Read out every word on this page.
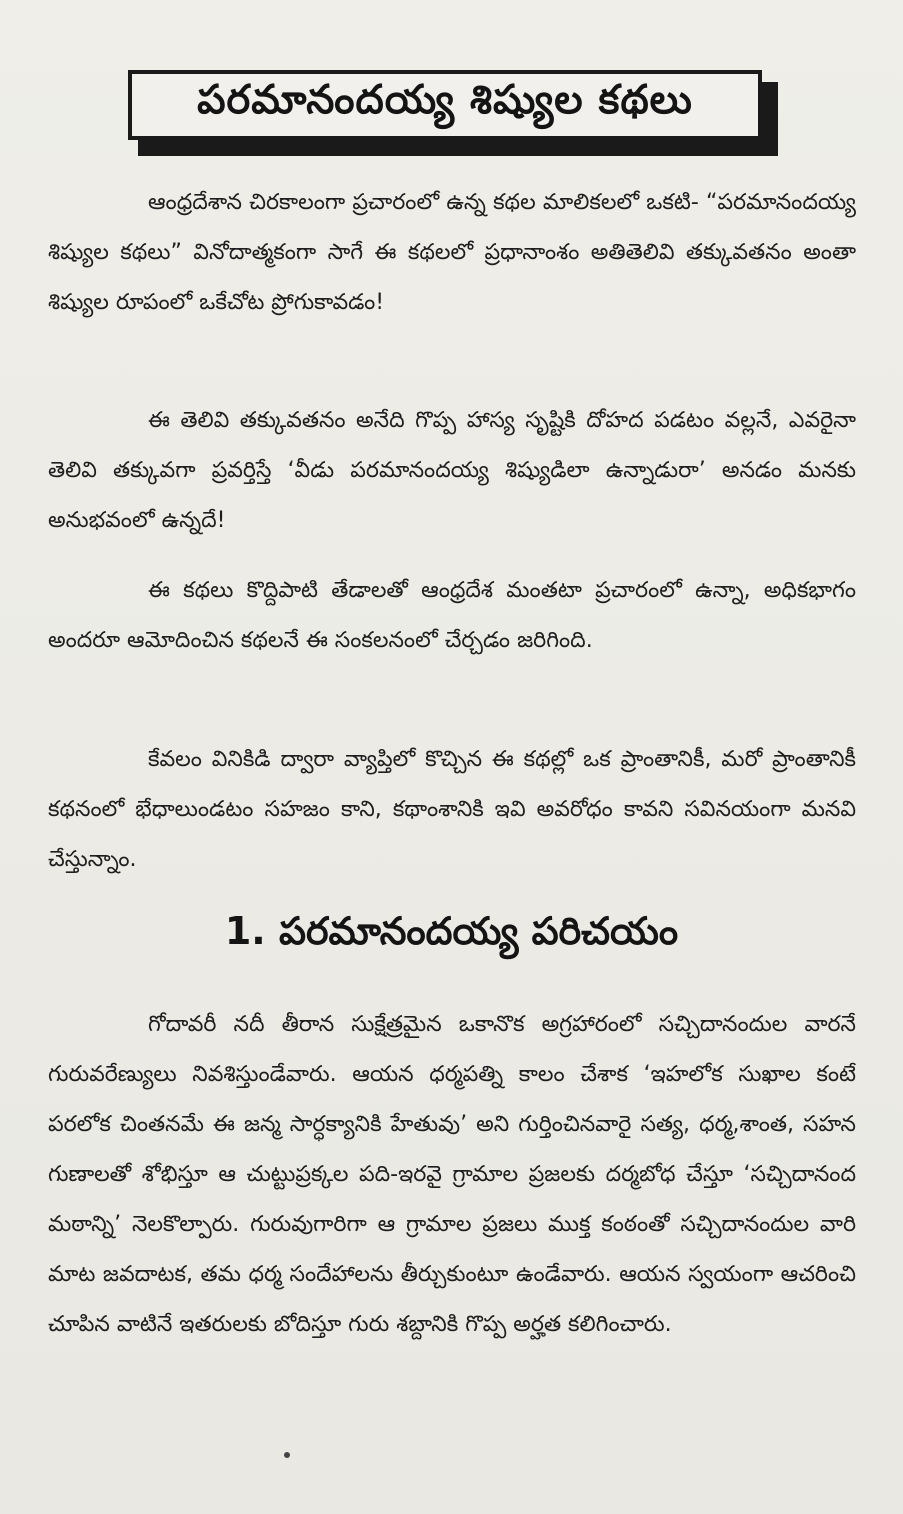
పరమానందయ్య శిష్యుల కథలు
ఆంధ్రదేశాన చిరకాలంగా ప్రచారంలో ఉన్న కథల మాలికలలో ఒకటి- “పరమానందయ్య శిష్యుల కథలు” వినోదాత్మకంగా సాగే ఈ కథలలో ప్రధానాంశం అతితెలివి తక్కువతనం అంతా శిష్యుల రూపంలో ఒకేచోట ప్రోగుకావడం!
ఈ తెలివి తక్కువతనం అనేది గొప్ప హాస్య సృష్టికి దోహద పడటం వల్లనే, ఎవరైనా తెలివి తక్కువగా ప్రవర్తిస్తే ‘వీడు పరమానందయ్య శిష్యుడిలా ఉన్నాడురా’ అనడం మనకు అనుభవంలో ఉన్నదే!
ఈ కథలు కొద్దిపాటి తేడాలతో ఆంధ్రదేశ మంతటా ప్రచారంలో ఉన్నా, అధికభాగం అందరూ ఆమోదించిన కథలనే ఈ సంకలనంలో చేర్చడం జరిగింది.
కేవలం వినికిడి ద్వారా వ్యాప్తిలో కొచ్చిన ఈ కథల్లో ఒక ప్రాంతానికీ, మరో ప్రాంతానికీ కథనంలో భేధాలుండటం సహజం కాని, కథాంశానికి ఇవి అవరోధం కావని సవినయంగా మనవి చేస్తున్నాం.
1. పరమానందయ్య పరిచయం
గోదావరీ నదీ తీరాన సుక్షేత్రమైన ఒకానొక అగ్రహారంలో సచ్చిదానందుల వారనే గురువరేణ్యులు నివశిస్తుండేవారు. ఆయన ధర్మపత్ని కాలం చేశాక ‘ఇహలోక సుఖాల కంటే పరలోక చింతనమే ఈ జన్మ సార్ధక్యానికి హేతువు’ అని గుర్తించినవారై సత్య, ధర్మ,శాంత, సహన గుణాలతో శోభిస్తూ ఆ చుట్టుప్రక్కల పది-ఇరవై గ్రామాల ప్రజలకు దర్మబోధ చేస్తూ ‘సచ్చిదానంద మఠాన్ని’ నెలకొల్పారు. గురువుగారిగా ఆ గ్రామాల ప్రజలు ముక్త కంఠంతో సచ్చిదానందుల వారి మాట జవదాటక, తమ ధర్మ సందేహాలను తీర్చుకుంటూ ఉండేవారు. ఆయన స్వయంగా ఆచరించి చూపిన వాటినే ఇతరులకు బోదిస్తూ గురు శబ్దానికి గొప్ప అర్హత కలిగించారు.
